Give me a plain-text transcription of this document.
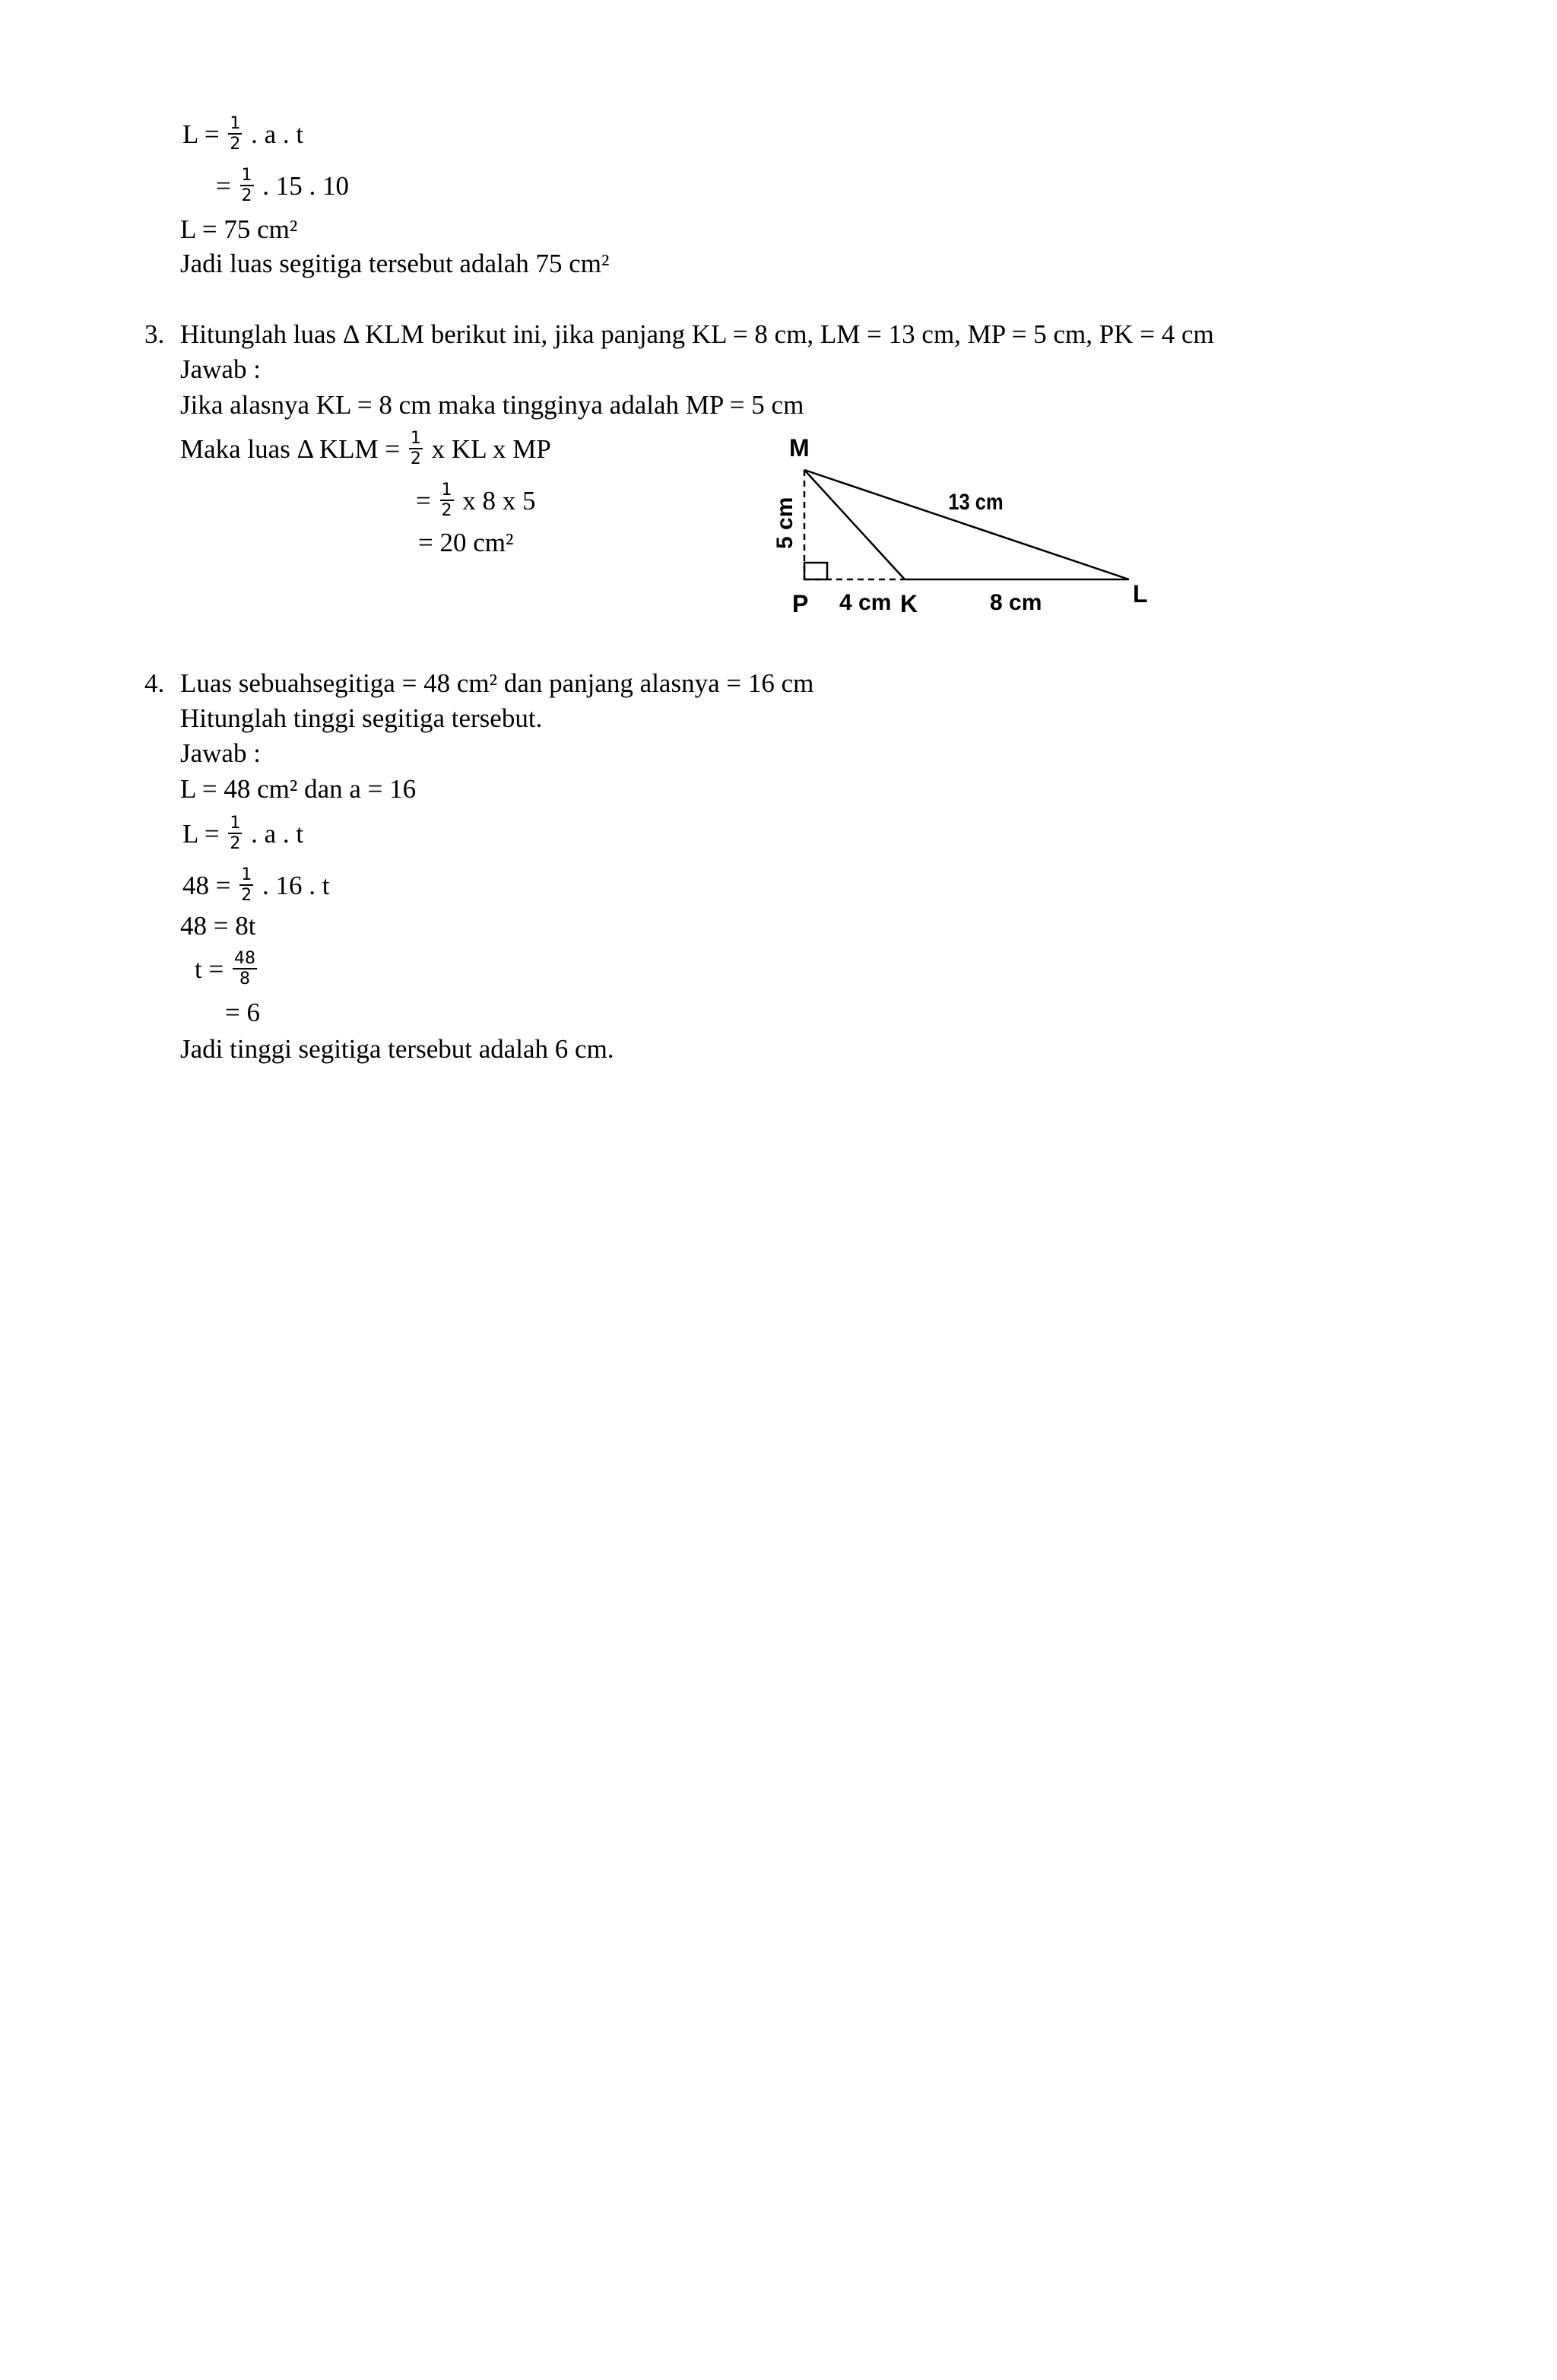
$L = \frac{1}{2}$ . a . t
= $\frac{1}{2}$ . 15 . 10
L = 75 cm²
Jadi luas segitiga tersebut adalah 75 cm²
3. Hitunglah luas Δ KLM berikut ini, jika panjang KL = 8 cm, LM = 13 cm, MP = 5 cm, PK = 4 cm
Jawab :
Jika alasnya KL = 8 cm maka tingginya adalah MP = 5 cm
Maka luas Δ KLM = $\frac{1}{2}$ x KL x MP
= $\frac{1}{2}$ x 8 x 5
= 20 cm²
M
P	K	L
5 cm	13 cm
4 cm	8 cm
4. Luas sebuahsegitiga = 48 cm² dan panjang alasnya = 16 cm
Hitunglah tinggi segitiga tersebut.
Jawab :
L = 48 cm² dan a = 16
$L = \frac{1}{2}$ . a . t
$48 = \frac{1}{2}$ . 16 . t
48 = 8t
$t = \frac{48}{8}$
= 6
Jadi tinggi segitiga tersebut adalah 6 cm.
